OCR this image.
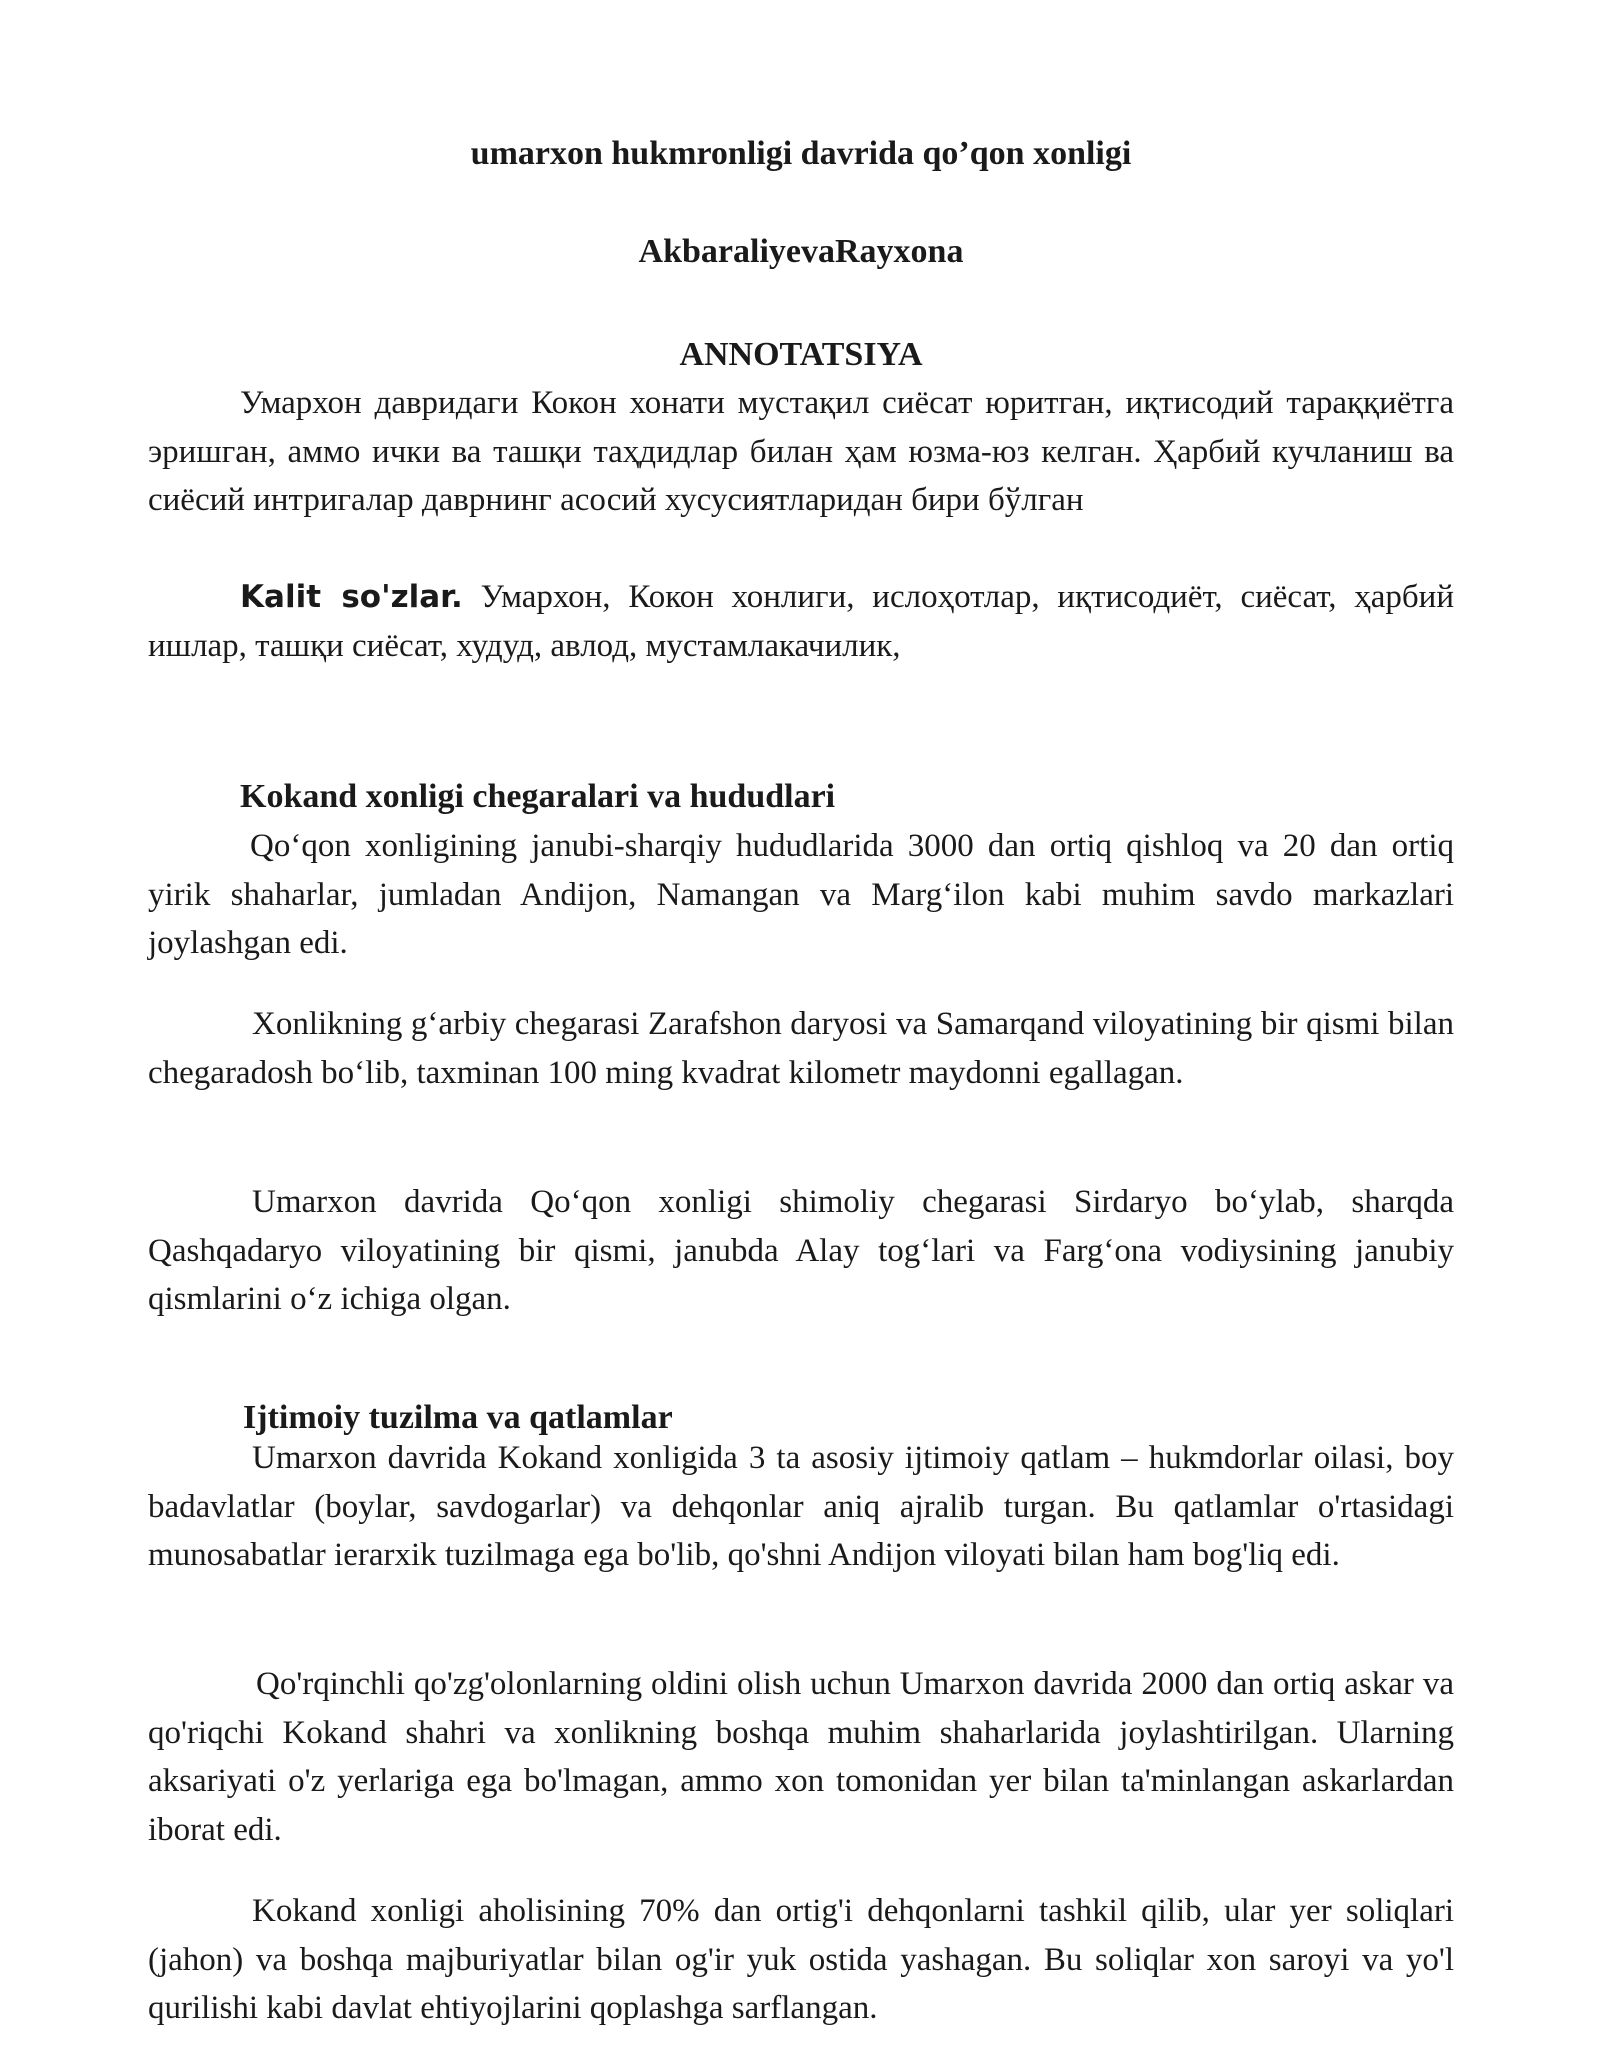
umarxon hukmronligi davrida qo’qon xonligi
AkbaraliyevaRayxona
ANNOTATSIYA

Умархон давридаги Кокон хонати мустақил сиёсат юритган, иқтисодий тараққиётга эришган, аммо ички ва ташқи таҳдидлар билан ҳам юзма-юз келган. Ҳарбий кучланиш ва сиёсий интригалар даврнинг асосий хусусиятларидан бири бўлган

Kalit so'zlar. Умархон, Кокон хонлиги, ислоҳотлар, иқтисодиёт, сиёсат, ҳарбий ишлар, ташқи сиёсат, худуд, авлод, мустамлакачилик,

Kokand xonligi chegaralari va hududlari

Qo‘qon xonligining janubi-sharqiy hududlarida 3000 dan ortiq qishloq va 20 dan ortiq yirik shaharlar, jumladan Andijon, Namangan va Marg‘ilon kabi muhim savdo markazlari joylashgan edi.

Xonlikning g‘arbiy chegarasi Zarafshon daryosi va Samarqand viloyatining bir qismi bilan chegaradosh bo‘lib, taxminan 100 ming kvadrat kilometr maydonni egallagan.

Umarxon davrida Qo‘qon xonligi shimoliy chegarasi Sirdaryo bo‘ylab, sharqda Qashqadaryo viloyatining bir qismi, janubda Alay tog‘lari va Farg‘ona vodiysining janubiy qismlarini o‘z ichiga olgan.

Ijtimoiy tuzilma va qatlamlar

Umarxon davrida Kokand xonligida 3 ta asosiy ijtimoiy qatlam – hukmdorlar oilasi, boy badavlatlar (boylar, savdogarlar) va dehqonlar aniq ajralib turgan. Bu qatlamlar o'rtasidagi munosabatlar ierarxik tuzilmaga ega bo'lib, qo'shni Andijon viloyati bilan ham bog'liq edi.

Qo'rqinchli qo'zg'olonlarning oldini olish uchun Umarxon davrida 2000 dan ortiq askar va qo'riqchi Kokand shahri va xonlikning boshqa muhim shaharlarida joylashtirilgan. Ularning aksariyati o'z yerlariga ega bo'lmagan, ammo xon tomonidan yer bilan ta'minlangan askarlardan iborat edi.

Kokand xonligi aholisining 70% dan ortig'i dehqonlarni tashkil qilib, ular yer soliqlari (jahon) va boshqa majburiyatlar bilan og'ir yuk ostida yashagan. Bu soliqlar xon saroyi va yo'l qurilishi kabi davlat ehtiyojlarini qoplashga sarflangan.
